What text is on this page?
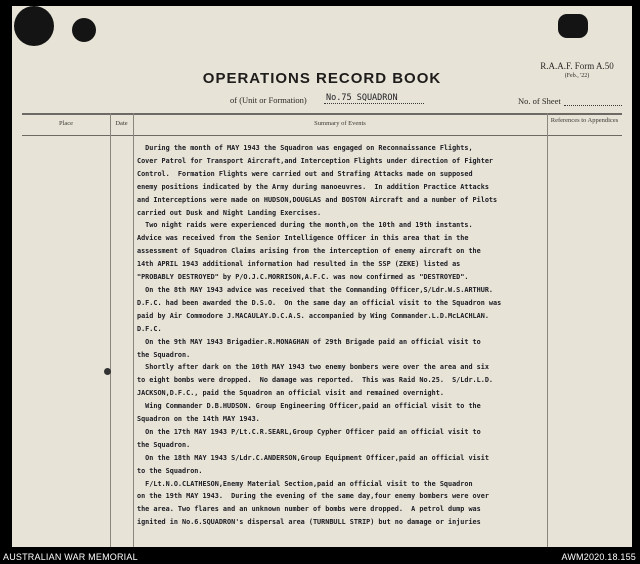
OPERATIONS RECORD BOOK
R.A.A.F. Form A.50
(Feb., '22)
of (Unit or Formation) No.75 SQUADRON	No. of Sheet
Place	Date	Summary of Events	References to Appendices
During the month of MAY 1943 the Squadron was engaged on Reconnaissance Flights,
Cover Patrol for Transport Aircraft,and Interception Flights under direction of Fighter
Control.  Formation Flights were carried out and Strafing Attacks made on supposed
enemy positions indicated by the Army during manoeuvres.  In addition Practice Attacks
and Interceptions were made on HUDSON,DOUGLAS and BOSTON Aircraft and a number of Pilots
carried out Dusk and Night Landing Exercises.
Two night raids were experienced during the month,on the 10th and 19th instants.
Advice was received from the Senior Intelligence Officer in this area that in the
assessment of Squadron Claims arising from the interception of enemy aircraft on the
14th APRIL 1943 additional information had resulted in the SSP (ZEKE) listed as
"PROBABLY DESTROYED" by P/O.J.C.MORRISON,A.F.C. was now confirmed as "DESTROYED".
On the 8th MAY 1943 advice was received that the Commanding Officer,S/Ldr.W.S.ARTHUR.
D.F.C. had been awarded the D.S.O.  On the same day an official visit to the Squadron was
paid by Air Commodore J.MACAULAY.D.C.A.S. accompanied by Wing Commander.L.D.McLACHLAN.
D.F.C.
On the 9th MAY 1943 Brigadier.R.MONAGHAN of 29th Brigade paid an official visit to
the Squadron.
Shortly after dark on the 10th MAY 1943 two enemy bombers were over the area and six
to eight bombs were dropped.  No damage was reported.  This was Raid No.25.  S/Ldr.L.D.
JACKSON,D.F.C., paid the Squadron an official visit and remained overnight.
Wing Commander D.B.HUDSON. Group Engineering Officer,paid an official visit to the
Squadron on the 14th MAY 1943.
On the 17th MAY 1943 P/Lt.C.R.SEARL,Group Cypher Officer paid an official visit to
the Squadron.
On the 18th MAY 1943 S/Ldr.C.ANDERSON,Group Equipment Officer,paid an official visit
to the Squadron.
F/Lt.N.O.CLATHESON,Enemy Material Section,paid an official visit to the Squadron
on the 19th MAY 1943.  During the evening of the same day,four enemy bombers were over
the area. Two flares and an unknown number of bombs were dropped.  A petrol dump was
ignited in No.6.SQUADRON's dispersal area (TURNBULL STRIP) but no damage or injuries
AUSTRALIAN WAR MEMORIAL	AWM2020.18.155
